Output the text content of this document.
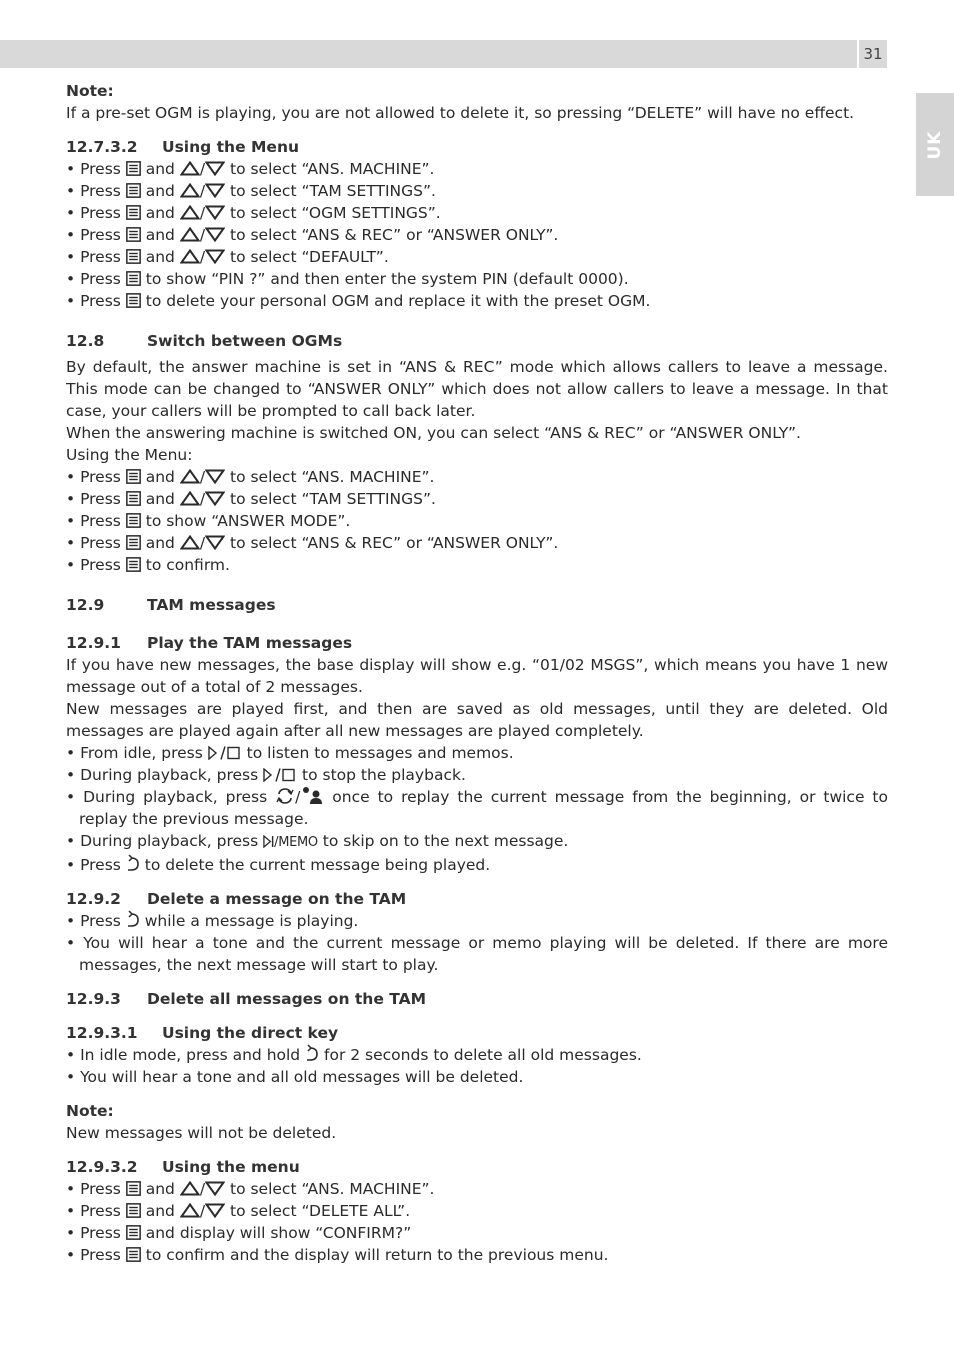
31
UK

Note:

If a pre-set OGM is playing, you are not allowed to delete it, so pressing “DELETE” will have no effect.

12.7.3.2 Using the Menu

• Press  and / to select “ANS. MACHINE”.

• Press  and / to select “TAM SETTINGS”.

• Press  and / to select “OGM SETTINGS”.

• Press  and / to select “ANS & REC” or “ANSWER ONLY”.

• Press  and / to select “DEFAULT”.

• Press  to show “PIN ?” and then enter the system PIN (default 0000).

• Press  to delete your personal OGM and replace it with the preset OGM.

12.8	Switch between OGMs

By default, the answer machine is set in “ANS & REC” mode which allows callers to leave a message. This mode can be changed to “ANSWER ONLY” which does not allow callers to leave a message. In that case, your callers will be prompted to call back later.

When the answering machine is switched ON, you can select “ANS & REC” or “ANSWER ONLY”.

Using the Menu:

• Press  and / to select “ANS. MACHINE”.

• Press  and / to select “TAM SETTINGS”.

• Press  to show “ANSWER MODE”.

• Press  and / to select “ANS & REC” or “ANSWER ONLY”.

• Press  to confirm.

12.9	TAM messages

12.9.1 Play the TAM messages

If you have new messages, the base display will show e.g. “01/02 MSGS”, which means you have 1 new message out of a total of 2 messages.

New messages are played first, and then are saved as old messages, until they are deleted. Old messages are played again after all new messages are played completely.

• From idle, press  to listen to messages and memos.

• During playback, press  to stop the playback.

• During playback, press / once to replay the current message from the beginning, or twice to replay the previous message.

• During playback, press /MEMO to skip on to the next message.

• Press  to delete the current message being played.

12.9.2 Delete a message on the TAM

• Press  while a message is playing.

• You will hear a tone and the current message or memo playing will be deleted. If there are more messages, the next message will start to play.

12.9.3 Delete all messages on the TAM

12.9.3.1 Using the direct key

• In idle mode, press and hold  for 2 seconds to delete all old messages.

• You will hear a tone and all old messages will be deleted.

Note:

New messages will not be deleted.

12.9.3.2 Using the menu

• Press  and / to select “ANS. MACHINE”.

• Press  and / to select “DELETE ALL”.

• Press  and display will show “CONFIRM?”

• Press  to confirm and the display will return to the previous menu.
